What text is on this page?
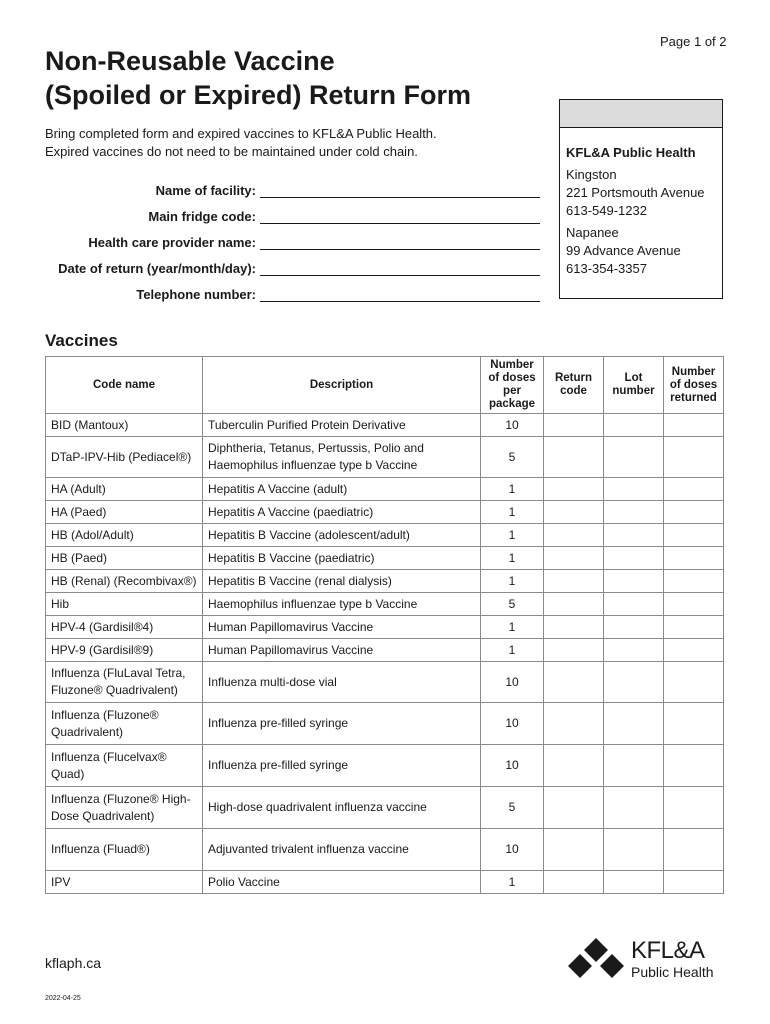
Page 1 of 2
Non-Reusable Vaccine
(Spoiled or Expired) Return Form
Bring completed form and expired vaccines to KFL&A Public Health.
Expired vaccines do not need to be maintained under cold chain.
Name of facility:
Main fridge code:
Health care provider name:
Date of return (year/month/day):
Telephone number:
KFL&A Public Health
Kingston
221 Portsmouth Avenue
613-549-1232
Napanee
99 Advance Avenue
613-354-3357
Vaccines
Code name	Description	Number of doses per package	Return code	Lot number	Number of doses returned
BID (Mantoux)	Tuberculin Purified Protein Derivative	10			
DTaP-IPV-Hib (Pediacel®)	Diphtheria, Tetanus, Pertussis, Polio and Haemophilus influenzae type b Vaccine	5			
HA (Adult)	Hepatitis A Vaccine (adult)	1			
HA (Paed)	Hepatitis A Vaccine (paediatric)	1			
HB (Adol/Adult)	Hepatitis B Vaccine (adolescent/adult)	1			
HB (Paed)	Hepatitis B Vaccine (paediatric)	1			
HB (Renal) (Recombivax®)	Hepatitis B Vaccine (renal dialysis)	1			
Hib	Haemophilus influenzae type b Vaccine	5			
HPV-4 (Gardisil®4)	Human Papillomavirus Vaccine	1			
HPV-9 (Gardisil®9)	Human Papillomavirus Vaccine	1			
Influenza (FluLaval Tetra, Fluzone® Quadrivalent)	Influenza multi-dose vial	10			
Influenza (Fluzone® Quadrivalent)	Influenza pre-filled syringe	10			
Influenza (Flucelvax® Quad)	Influenza pre-filled syringe	10			
Influenza (Fluzone® High-Dose Quadrivalent)	High-dose quadrivalent influenza vaccine	5			
Influenza (Fluad®)	Adjuvanted trivalent influenza vaccine	10			
IPV	Polio Vaccine	1			
kflaph.ca
2022-04-25
KFL&A
Public Health
